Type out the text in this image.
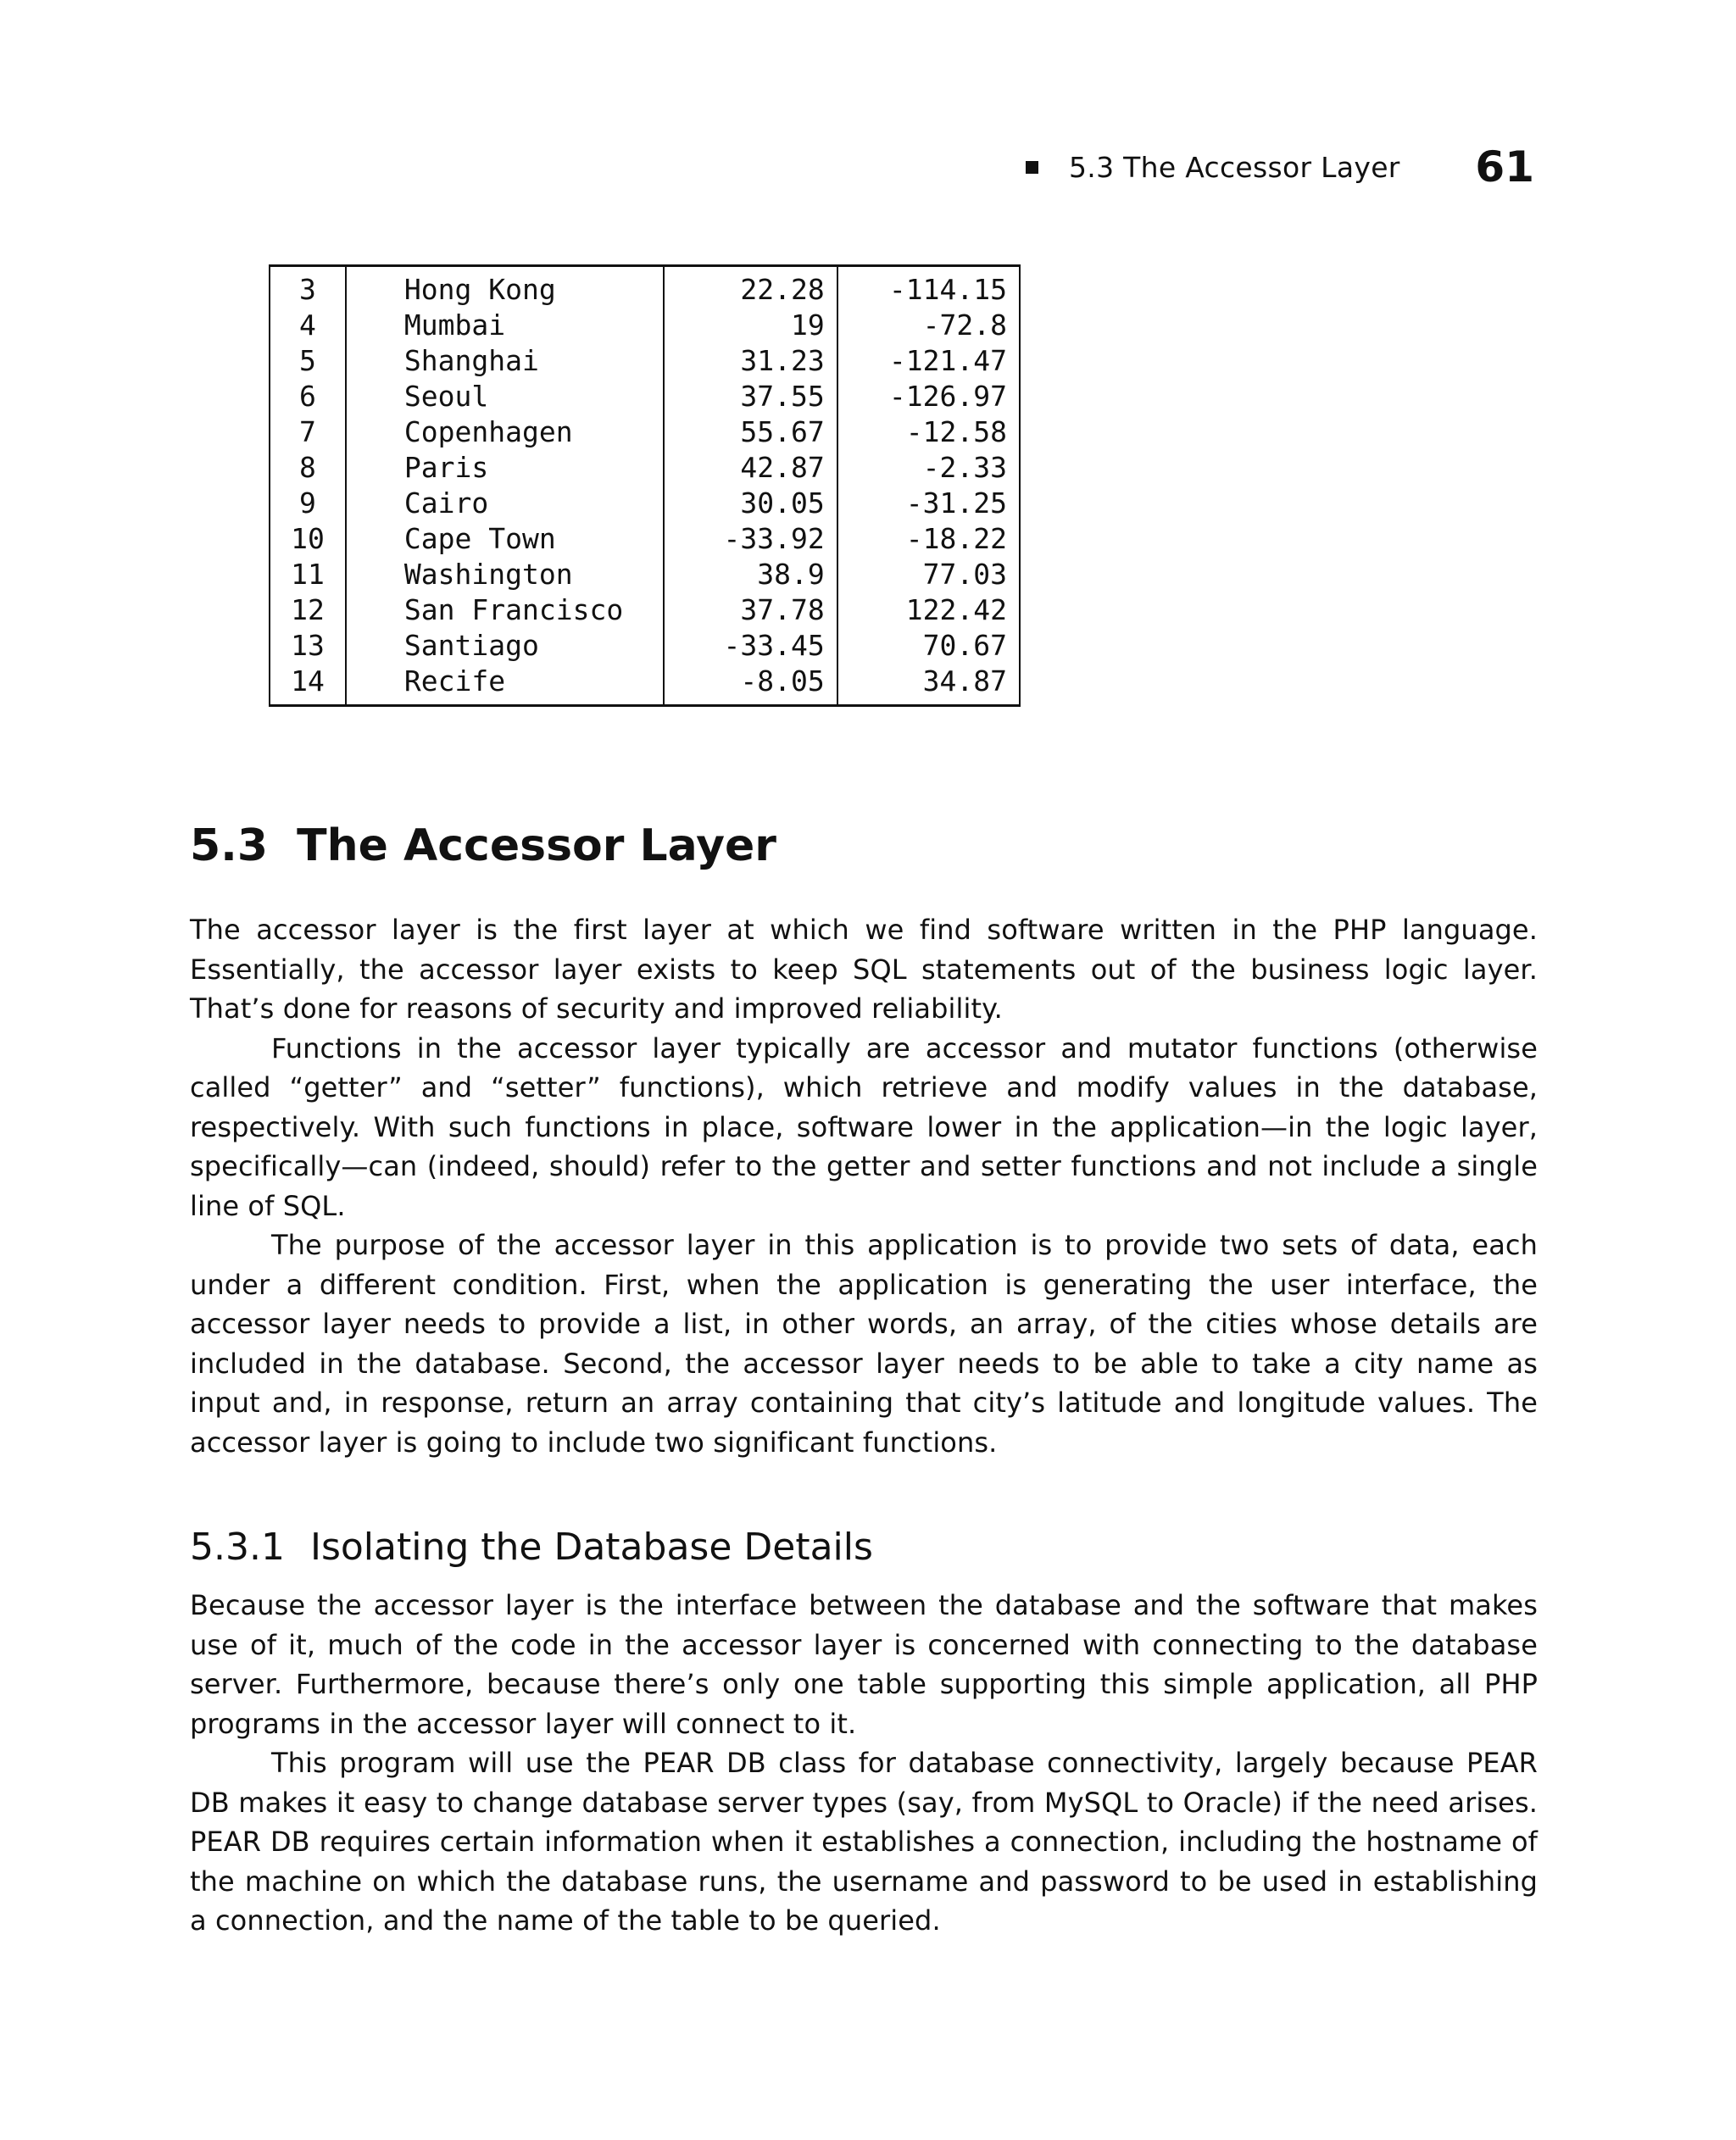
5.3 The Accessor Layer 61
3	Hong Kong	22.28	-114.15
4	Mumbai	19	-72.8
5	Shanghai	31.23	-121.47
6	Seoul	37.55	-126.97
7	Copenhagen	55.67	-12.58
8	Paris	42.87	-2.33
9	Cairo	30.05	-31.25
10	Cape Town	-33.92	-18.22
11	Washington	38.9	77.03
12	San Francisco	37.78	122.42
13	Santiago	-33.45	70.67
14	Recife	-8.05	34.87
5.3 The Accessor Layer

The accessor layer is the first layer at which we find software written in the PHP language. Essentially, the accessor layer exists to keep SQL statements out of the business logic layer. That’s done for reasons of security and improved reliability.

Functions in the accessor layer typically are accessor and mutator functions (otherwise called “getter” and “setter” functions), which retrieve and modify values in the database, respectively. With such functions in place, software lower in the application—in the logic layer, specifically—can (indeed, should) refer to the getter and setter functions and not include a single line of SQL.

The purpose of the accessor layer in this application is to provide two sets of data, each under a different condition. First, when the application is generating the user interface, the accessor layer needs to provide a list, in other words, an array, of the cities whose details are included in the database. Second, the accessor layer needs to be able to take a city name as input and, in response, return an array containing that city’s latitude and longitude values. The accessor layer is going to include two significant functions.

5.3.1 Isolating the Database Details

Because the accessor layer is the interface between the database and the software that makes use of it, much of the code in the accessor layer is concerned with connecting to the database server. Furthermore, because there’s only one table supporting this simple application, all PHP programs in the accessor layer will connect to it.

This program will use the PEAR DB class for database connectivity, largely because PEAR DB makes it easy to change database server types (say, from MySQL to Oracle) if the need arises. PEAR DB requires certain information when it establishes a connection, including the hostname of the machine on which the database runs, the username and password to be used in establishing a connection, and the name of the table to be queried.
